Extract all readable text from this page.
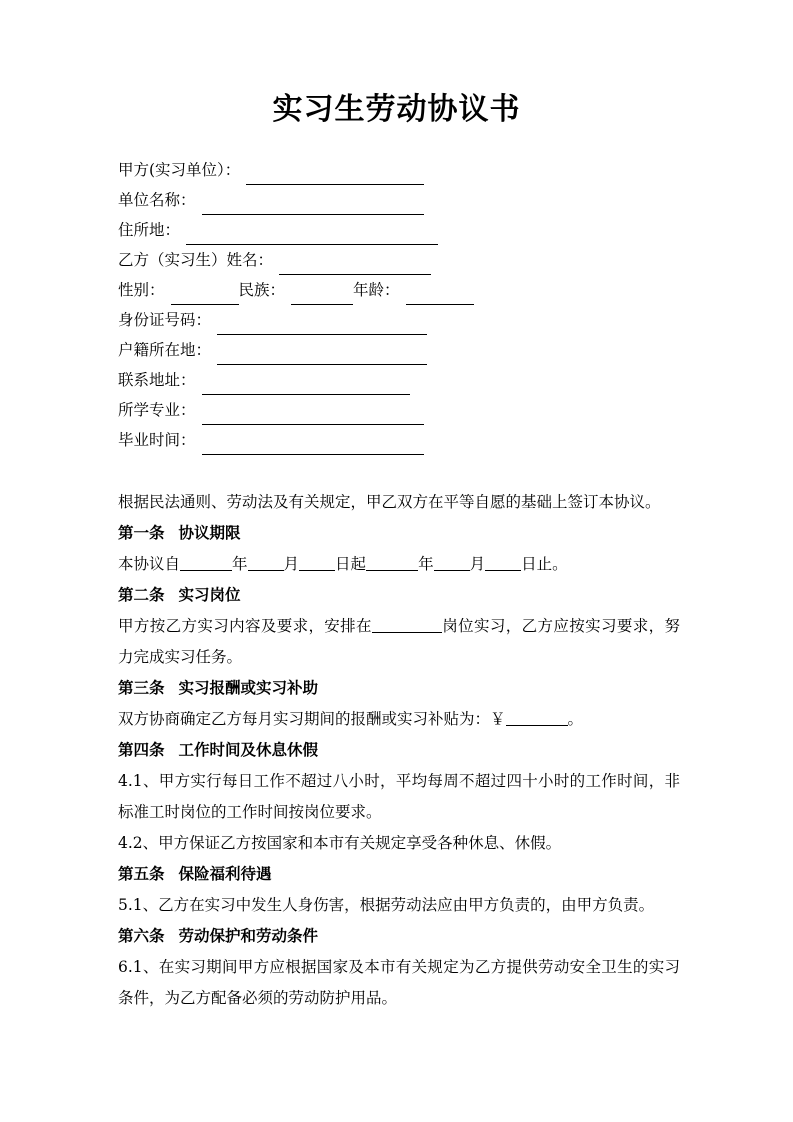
实习生劳动协议书
甲方(实习单位）：
单位名称：
住所地：
乙方（实习生）姓名：
性别：	民族：	年龄：
身份证号码：
户籍所在地：
联系地址：
所学专业：
毕业时间：

根据民法通则、劳动法及有关规定，甲乙双方在平等自愿的基础上签订本协议。

第一条 协议期限

本协议自	年 月 日起	年 月 日止。

第二条 实习岗位

甲方按乙方实习内容及要求，安排在	岗位实习，乙方应按实习要求，努力完成实习任务。

第三条 实习报酬或实习补助

双方协商确定乙方每月实习期间的报酬或实习补贴为：￥	。

第四条 工作时间及休息休假

4.1、甲方实行每日工作不超过八小时，平均每周不超过四十小时的工作时间，非标准工时岗位的工作时间按岗位要求。

4.2、甲方保证乙方按国家和本市有关规定享受各种休息、休假。

第五条 保险福利待遇

5.1、乙方在实习中发生人身伤害，根据劳动法应由甲方负责的，由甲方负责。

第六条 劳动保护和劳动条件

6.1、在实习期间甲方应根据国家及本市有关规定为乙方提供劳动安全卫生的实习条件，为乙方配备必须的劳动防护用品。
